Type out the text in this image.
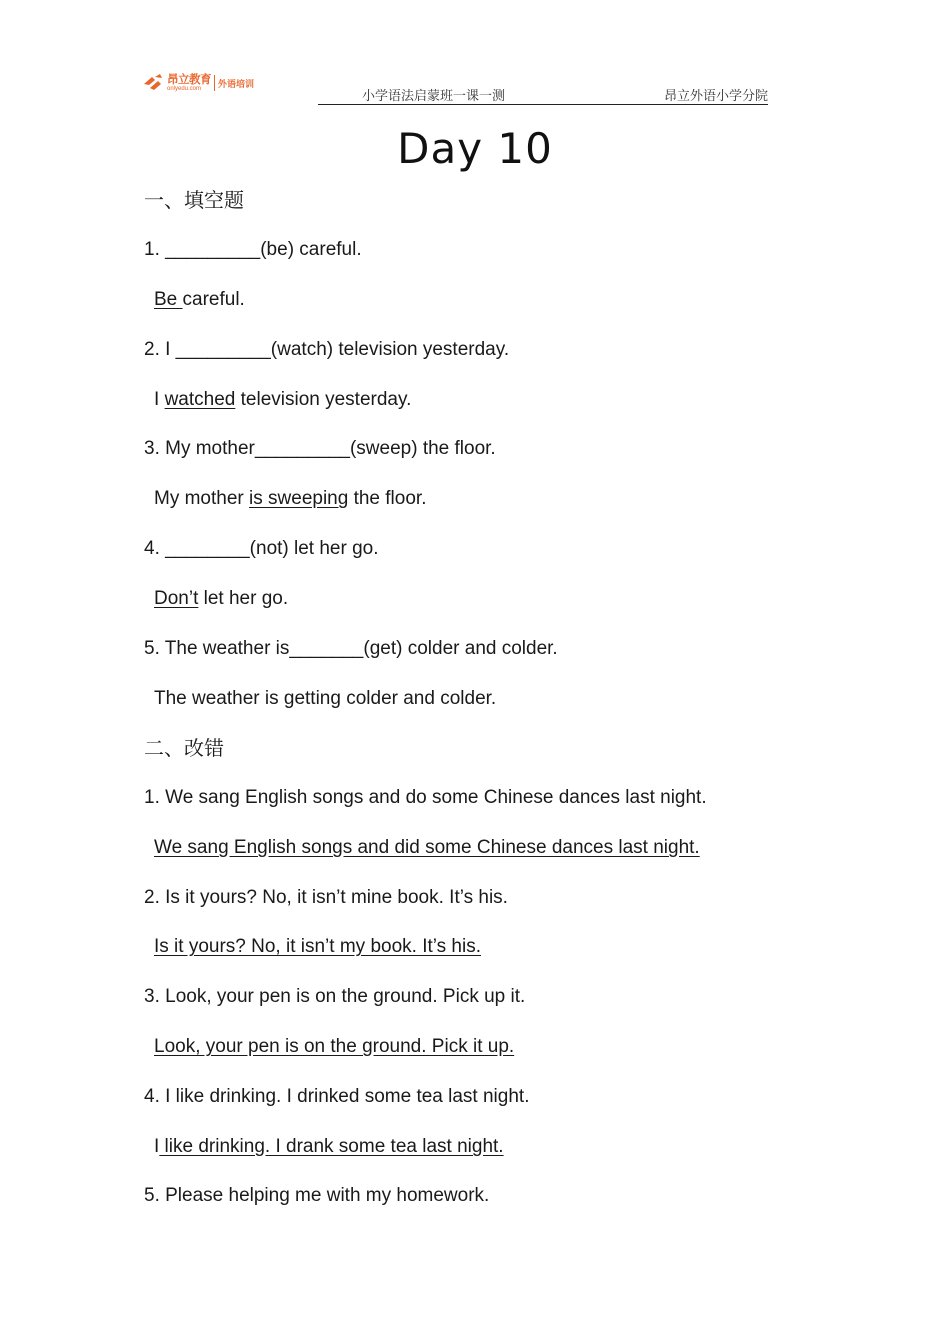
昂立教育
onlyedu.com	外语培训
小学语法启蒙班一课一测	昂立外语小学分院
Day 10
一、填空题
1. _________(be) careful.
Be careful.
2. I _________(watch) television yesterday.
I watched television yesterday.
3. My mother_________(sweep) the floor.
My mother is sweeping the floor.
4. ________(not) let her go.
Don’t let her go.
5. The weather is_______(get) colder and colder.
The weather is getting colder and colder.
二、改错
1. We sang English songs and do some Chinese dances last night.
We sang English songs and did some Chinese dances last night.
2. Is it yours? No, it isn’t mine book. It’s his.
Is it yours? No, it isn’t my book. It’s his.
3. Look, your pen is on the ground. Pick up it.
Look, your pen is on the ground. Pick it up.
4. I like drinking. I drinked some tea last night.
I like drinking. I drank some tea last night.
5. Please helping me with my homework.
